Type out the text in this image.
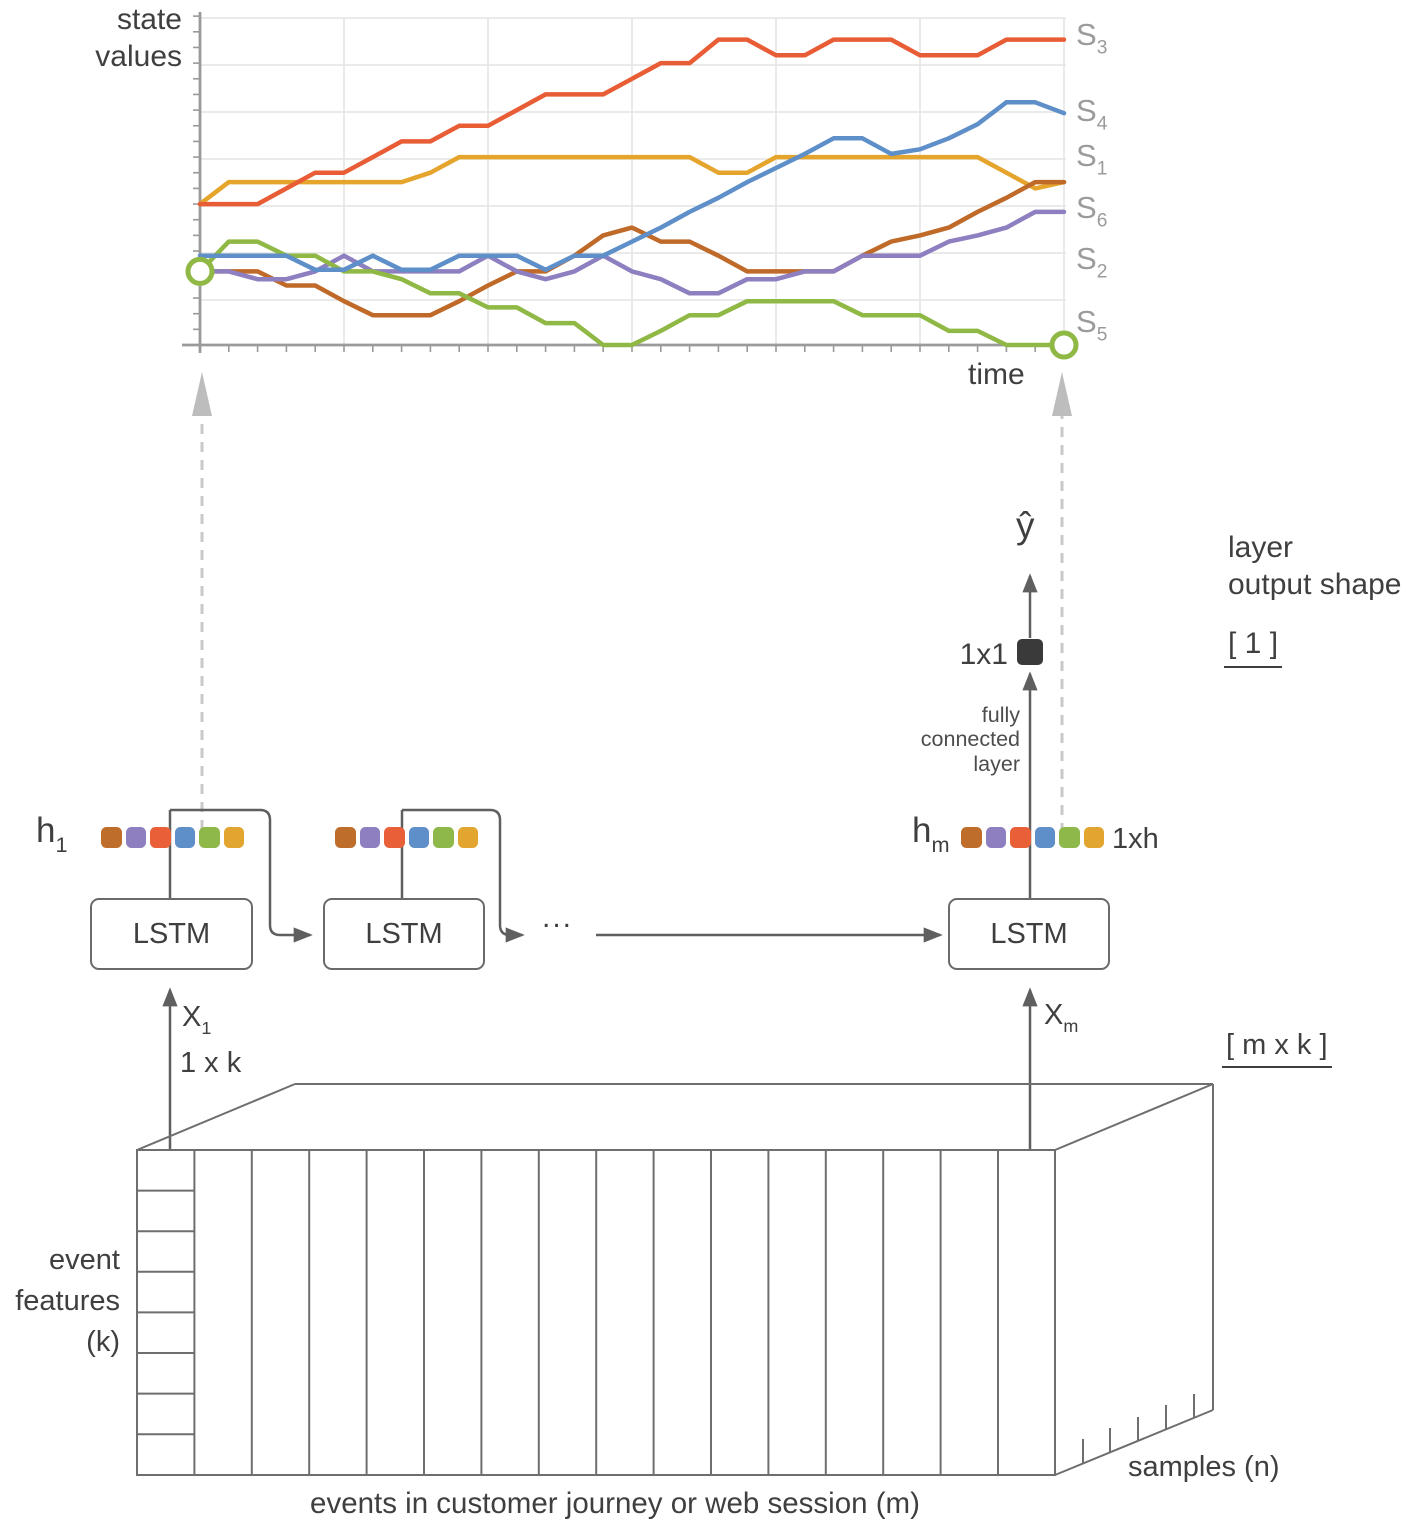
state
values
time
$S_3$
$S_4$
$S_1$
$S_6$
$S_2$
$S_5$
$h_1$	$h_m$	1xh
LSTM	LSTM	...	LSTM
ŷ
1x1
fully
connected
layer
layer
output shape
[ 1 ]
[ m x k ]
$X_1$
1 x k
$X_m$
event
features
(k)
events in customer journey or web session (m)
samples (n)
